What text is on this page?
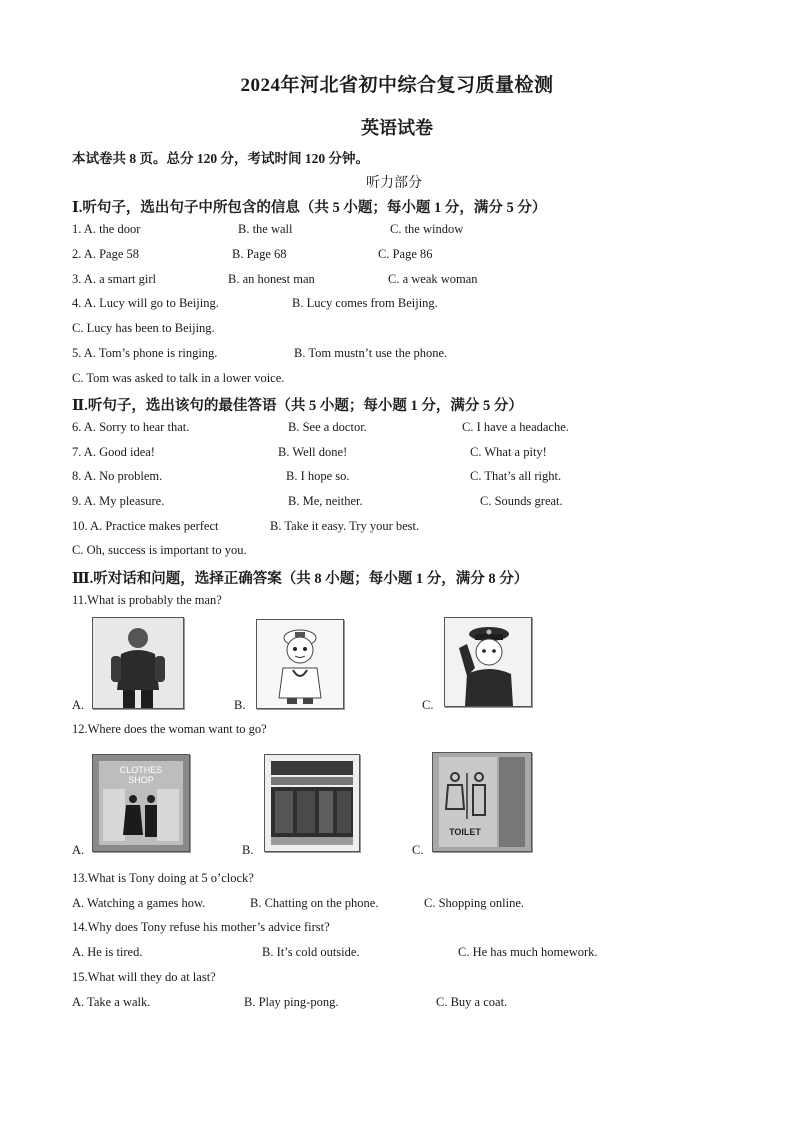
2024年河北省初中综合复习质量检测
英语试卷
本试卷共 8 页。总分 120 分，考试时间 120 分钟。
听力部分
Ⅰ.听句子，选出句子中所包含的信息（共 5 小题；每小题 1 分，满分 5 分）
1. A. the door	B. the wall	C. the window
2. A. Page 58	B. Page 68	C. Page 86
3. A. a smart girl	B. an honest man	C. a weak woman
4. A. Lucy will go to Beijing.	B. Lucy comes from Beijing.
C. Lucy has been to Beijing.
5. A. Tom’s phone is ringing.	B. Tom mustn’t use the phone.
C. Tom was asked to talk in a lower voice.
Ⅱ.听句子，选出该句的最佳答语（共 5 小题；每小题 1 分，满分 5 分）
6. A. Sorry to hear that.	B. See a doctor.	C. I have a headache.
7. A. Good idea!	B. Well done!	C. What a pity!
8. A. No problem.	B. I hope so.	C. That’s all right.
9. A. My pleasure.	B. Me, neither.	C. Sounds great.
10. A. Practice makes perfect	B. Take it easy. Try your best.
C. Oh, success is important to you.
Ⅲ.听对话和问题，选择正确答案（共 8 小题；每小题 1 分，满分 8 分）
11.What is probably the man?
A.	B.	C.
12.Where does the woman want to go?
CLOTHES
SHOP
A.	B.
TOILET
C.
13.What is Tony doing at 5 o’clock?
A. Watching a games how.	B. Chatting on the phone.	C. Shopping online.
14.Why does Tony refuse his mother’s advice first?
A. He is tired.	B. It’s cold outside.	C. He has much homework.
15.What will they do at last?
A. Take a walk.	B. Play ping-pong.	C. Buy a coat.
